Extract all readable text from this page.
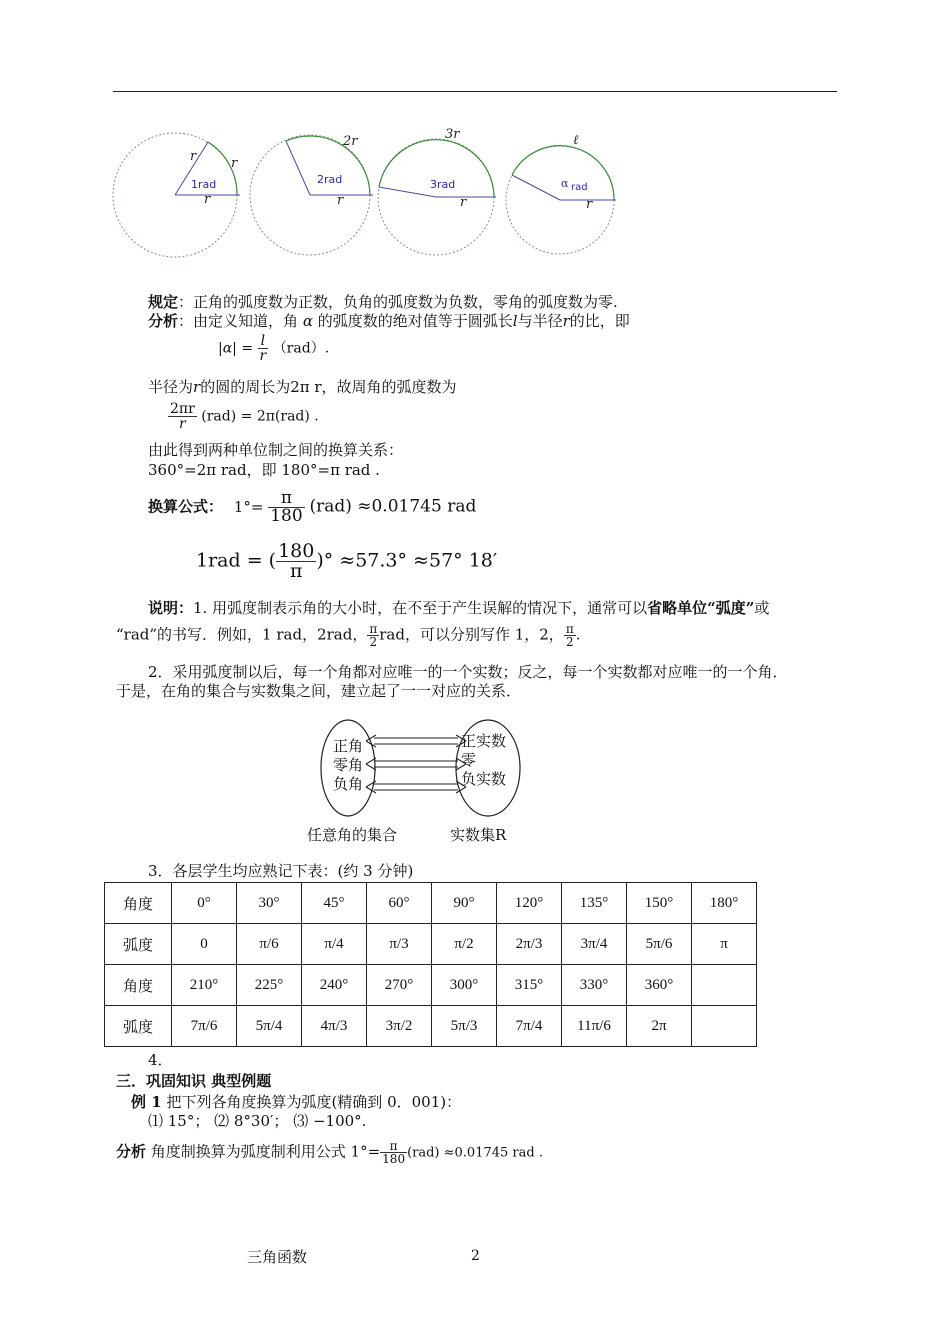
r	r
1rad
r
2r
2rad
r
3r
3rad
r
ℓ
α rad
r
规定：正角的弧度数为正数，负角的弧度数为负数，零角的弧度数为零.
分析：由定义知道，角 α 的弧度数的绝对值等于圆弧长l与半径r的比，即
$|\alpha| = \frac{l}{r} (rad)$.
半径为r的圆的周长为2π r，故周角的弧度数为
$\frac{2\pi r}{r} (rad) = 2\pi(rad)$ .
由此得到两种单位制之间的换算关系：
360°=2π rad，即 180°=π rad .
换算公式： $1^\circ= \frac{\pi}{180} (rad) \approx 0.01745$ rad
1rad = ( $\frac{180}{\pi}$ )° ≈57.3° ≈57° 18′
说明：1. 用弧度制表示角的大小时，在不至于产生误解的情况下，通常可以省略单位“弧度”或
“rad”的书写．例如，1 rad，2rad， $\frac{\pi}{2}$ rad，可以分别写作 1，2， $\frac{\pi}{2}$ .
2．采用弧度制以后，每一个角都对应唯一的一个实数；反之，每一个实数都对应唯一的一个角．
于是，在角的集合与实数集之间，建立起了一一对应的关系．
正角
零角
负角
正实数
零
负实数
任意角的集合	实数集R
3．各层学生均应熟记下表：(约 3 分钟)
角度	0°	30°	45°	60°	90°	120°	135°	150°	180°
弧度	0	π/6	π/4	π/3	π/2	2π/3	3π/4	5π/6	π
角度	210°	225°	240°	270°	300°	315°	330°	360°	
弧度	7π/6	5π/4	4π/3	3π/2	5π/3	7π/4	11π/6	2π	
4．
三．巩固知识 典型例题
例 1 把下列各角度换算为弧度(精确到 0．001)：
⑴ 15°； ⑵ 8°30′； ⑶ −100°.
分析 角度制换算为弧度制利用公式 $1^\circ= \frac{\pi}{180} (rad) \approx 0.01745$ rad .
三角函数	2
